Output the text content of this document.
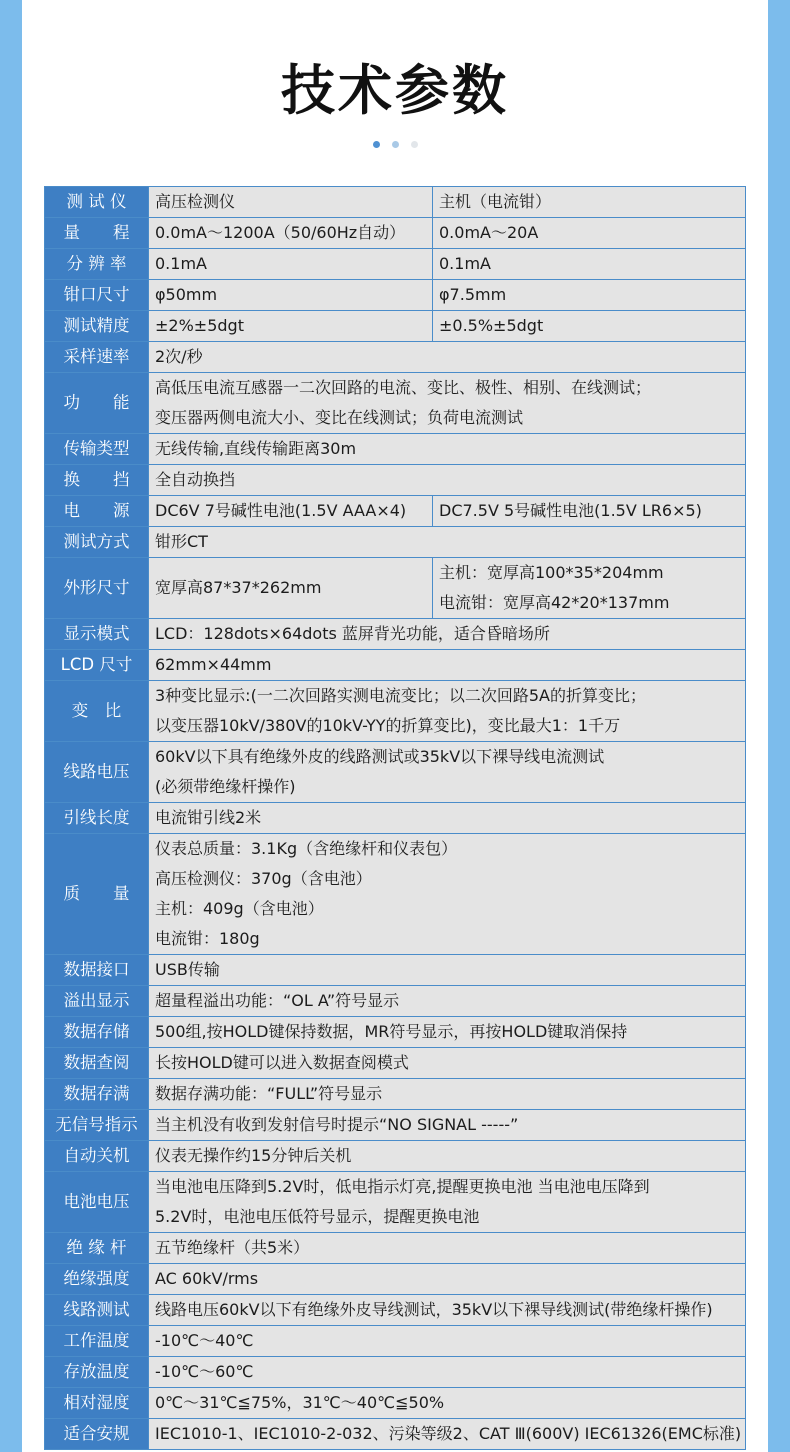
技术参数

测 试 仪	高压检测仪	主机（电流钳）

量　　程	0.0mA～1200A（50/60Hz自动）	0.0mA～20A

分 辨 率	0.1mA	0.1mA

钳口尺寸	φ50mm	φ7.5mm

测试精度	±2%±5dgt	±0.5%±5dgt

采样速率	2次/秒	

功　　能	高低压电流互感器一二次回路的电流、变比、极性、相别、在线测试；
变压器两侧电流大小、变比在线测试；负荷电流测试	

传输类型	无线传输,直线传输距离30m	

换　　挡	全自动换挡	

电　　源	DC6V 7号碱性电池(1.5V AAA×4)	DC7.5V 5号碱性电池(1.5V LR6×5)

测试方式	钳形CT	

外形尺寸	宽厚高87*37*262mm	主机：宽厚高100*35*204mm
电流钳：宽厚高42*20*137mm

显示模式	LCD：128dots×64dots 蓝屏背光功能，适合昏暗场所	

LCD 尺寸	62mm×44mm	

变　比	3种变比显示:(一二次回路实测电流变比；以二次回路5A的折算变比；
以变压器10kV/380V的10kV-YY的折算变比)，变比最大1：1千万	

线路电压	60kV以下具有绝缘外皮的线路测试或35kV以下裸导线电流测试
(必须带绝缘杆操作)	

引线长度	电流钳引线2米	

质　　量	仪表总质量：3.1Kg（含绝缘杆和仪表包）
高压检测仪：370g（含电池）
主机：409g（含电池）
电流钳：180g	

数据接口	USB传输	

溢出显示	超量程溢出功能：“OL A”符号显示	

数据存储	500组,按HOLD键保持数据，MR符号显示，再按HOLD键取消保持	

数据查阅	长按HOLD键可以进入数据查阅模式	

数据存满	数据存满功能：“FULL”符号显示	

无信号指示	当主机没有收到发射信号时提示“NO SIGNAL -----”	

自动关机	仪表无操作约15分钟后关机	

电池电压	当电池电压降到5.2V时，低电指示灯亮,提醒更换电池 当电池电压降到
5.2V时，电池电压低符号显示，提醒更换电池	

绝 缘 杆	五节绝缘杆（共5米）	

绝缘强度	AC 60kV/rms	

线路测试	线路电压60kV以下有绝缘外皮导线测试，35kV以下裸导线测试(带绝缘杆操作)	

工作温度	-10℃～40℃	

存放温度	-10℃～60℃	

相对湿度	0℃～31℃≦75%，31℃～40℃≦50%	

适合安规	IEC1010-1、IEC1010-2-032、污染等级2、CAT Ⅲ(600V) IEC61326(EMC标准)	
